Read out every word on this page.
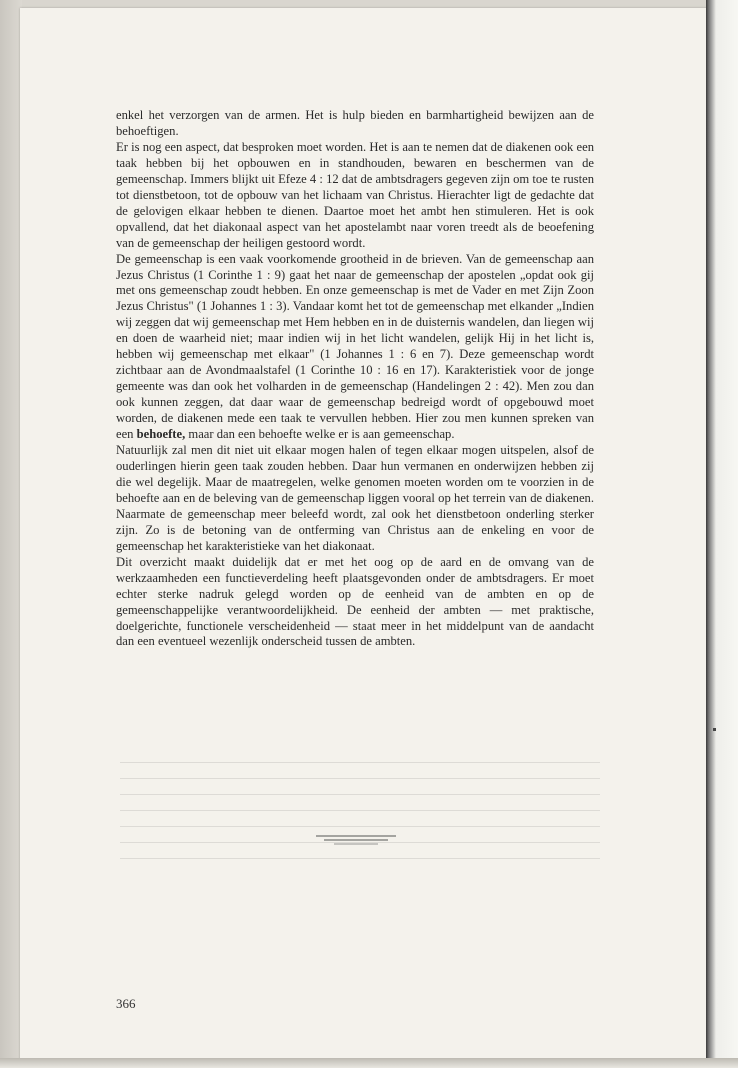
enkel het verzorgen van de armen. Het is hulp bieden en barmhartigheid bewijzen aan de behoeftigen.

Er is nog een aspect, dat besproken moet worden. Het is aan te nemen dat de diakenen ook een taak hebben bij het opbouwen en in standhouden, bewaren en beschermen van de gemeenschap. Immers blijkt uit Efeze 4 : 12 dat de ambtsdragers gegeven zijn om toe te rusten tot dienstbetoon, tot de opbouw van het lichaam van Christus. Hierachter ligt de gedachte dat de gelovigen elkaar hebben te dienen. Daartoe moet het ambt hen stimuleren. Het is ook opvallend, dat het diakonaal aspect van het apostelambt naar voren treedt als de beoefening van de gemeenschap der heiligen gestoord wordt.

De gemeenschap is een vaak voorkomende grootheid in de brieven. Van de gemeenschap aan Jezus Christus (1 Corinthe 1 : 9) gaat het naar de gemeenschap der apostelen „opdat ook gij met ons gemeenschap zoudt hebben. En onze gemeenschap is met de Vader en met Zijn Zoon Jezus Christus" (1 Johannes 1 : 3). Vandaar komt het tot de gemeenschap met elkander „Indien wij zeggen dat wij gemeenschap met Hem hebben en in de duisternis wandelen, dan liegen wij en doen de waarheid niet; maar indien wij in het licht wandelen, gelijk Hij in het licht is, hebben wij gemeenschap met elkaar" (1 Johannes 1 : 6 en 7). Deze gemeenschap wordt zichtbaar aan de Avondmaalstafel (1 Corinthe 10 : 16 en 17). Karakteristiek voor de jonge gemeente was dan ook het volharden in de gemeenschap (Handelingen 2 : 42). Men zou dan ook kunnen zeggen, dat daar waar de gemeenschap bedreigd wordt of opgebouwd moet worden, de diakenen mede een taak te vervullen hebben. Hier zou men kunnen spreken van een behoefte, maar dan een behoefte welke er is aan gemeenschap.

Natuurlijk zal men dit niet uit elkaar mogen halen of tegen elkaar mogen uitspelen, alsof de ouderlingen hierin geen taak zouden hebben. Daar hun vermanen en onderwijzen hebben zij die wel degelijk. Maar de maatregelen, welke genomen moeten worden om te voorzien in de behoefte aan en de beleving van de gemeenschap liggen vooral op het terrein van de diakenen. Naarmate de gemeenschap meer beleefd wordt, zal ook het dienstbetoon onderling sterker zijn. Zo is de betoning van de ontferming van Christus aan de enkeling en voor de gemeenschap het karakteristieke van het diakonaat.

Dit overzicht maakt duidelijk dat er met het oog op de aard en de omvang van de werkzaamheden een functieverdeling heeft plaatsgevonden onder de ambtsdragers. Er moet echter sterke nadruk gelegd worden op de eenheid van de ambten en op de gemeenschappelijke verantwoordelijkheid. De eenheid der ambten — met praktische, doelgerichte, functionele verscheidenheid — staat meer in het middelpunt van de aandacht dan een eventueel wezenlijk onderscheid tussen de ambten.

366
